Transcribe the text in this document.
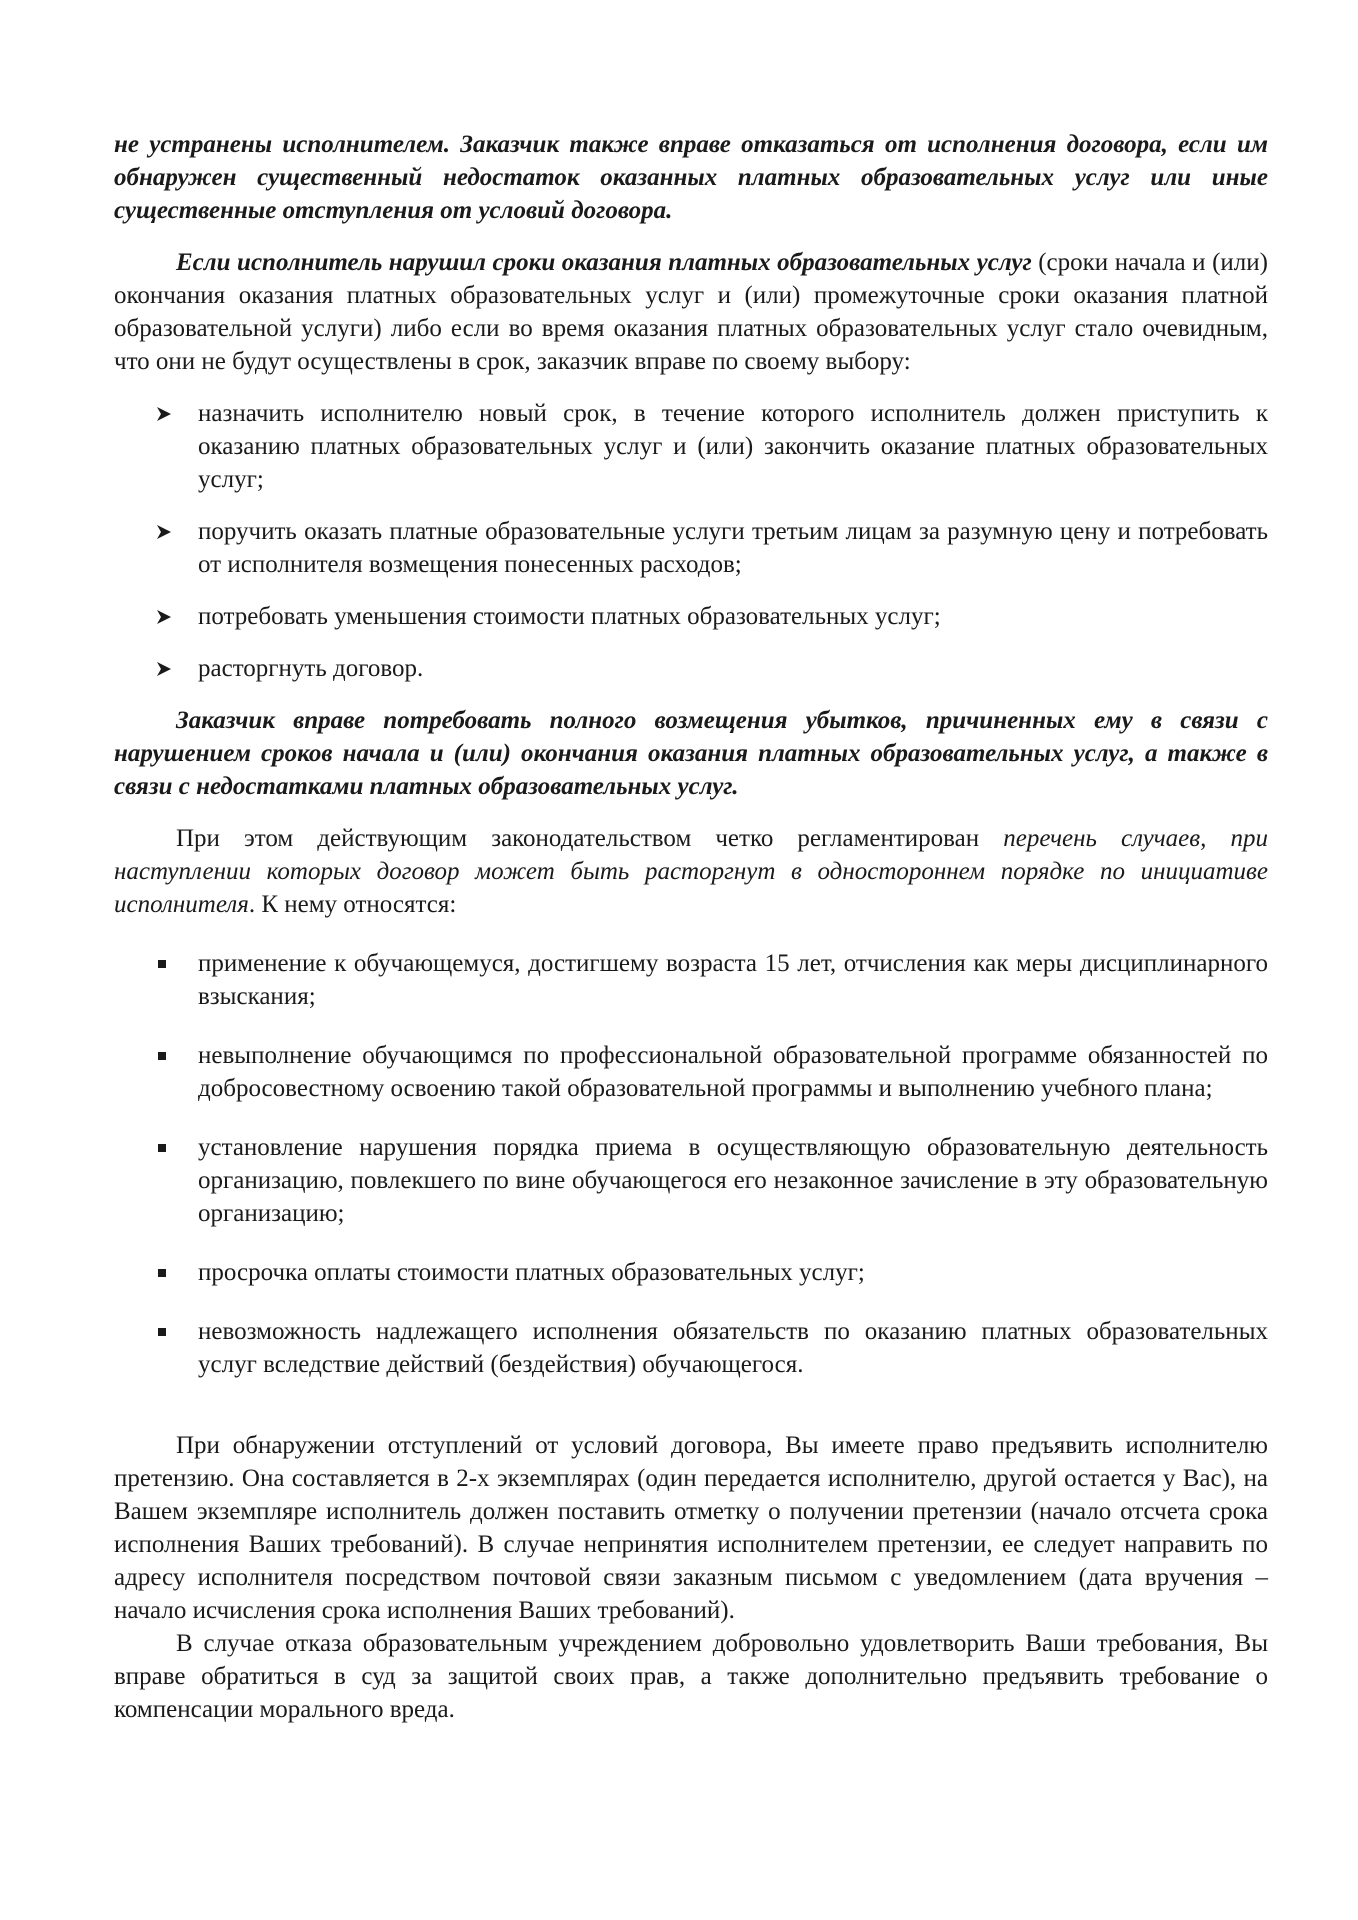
не устранены исполнителем. Заказчик также вправе отказаться от исполнения договора, если им обнаружен существенный недостаток оказанных платных образовательных услуг или иные существенные отступления от условий договора.

Если исполнитель нарушил сроки оказания платных образовательных услуг (сроки начала и (или) окончания оказания платных образовательных услуг и (или) промежуточные сроки оказания платной образовательной услуги) либо если во время оказания платных образовательных услуг стало очевидным, что они не будут осуществлены в срок, заказчик вправе по своему выбору:

назначить исполнителю новый срок, в течение которого исполнитель должен приступить к оказанию платных образовательных услуг и (или) закончить оказание платных образовательных услуг;
поручить оказать платные образовательные услуги третьим лицам за разумную цену и потребовать от исполнителя возмещения понесенных расходов;
потребовать уменьшения стоимости платных образовательных услуг;
расторгнуть договор.

Заказчик вправе потребовать полного возмещения убытков, причиненных ему в связи с нарушением сроков начала и (или) окончания оказания платных образовательных услуг, а также в связи с недостатками платных образовательных услуг.

При этом действующим законодательством четко регламентирован перечень случаев, при наступлении которых договор может быть расторгнут в одностороннем порядке по инициативе исполнителя. К нему относятся:

применение к обучающемуся, достигшему возраста 15 лет, отчисления как меры дисциплинарного взыскания;
невыполнение обучающимся по профессиональной образовательной программе обязанностей по добросовестному освоению такой образовательной программы и выполнению учебного плана;
установление нарушения порядка приема в осуществляющую образовательную деятельность организацию, повлекшего по вине обучающегося его незаконное зачисление в эту образовательную организацию;
просрочка оплаты стоимости платных образовательных услуг;
невозможность надлежащего исполнения обязательств по оказанию платных образовательных услуг вследствие действий (бездействия) обучающегося.

При обнаружении отступлений от условий договора, Вы имеете право предъявить исполнителю претензию. Она составляется в 2-х экземплярах (один передается исполнителю, другой остается у Вас), на Вашем экземпляре исполнитель должен поставить отметку о получении претензии (начало отсчета срока исполнения Ваших требований). В случае непринятия исполнителем претензии, ее следует направить по адресу исполнителя посредством почтовой связи заказным письмом с уведомлением (дата вручения – начало исчисления срока исполнения Ваших требований).

В случае отказа образовательным учреждением добровольно удовлетворить Ваши требования, Вы вправе обратиться в суд за защитой своих прав, а также дополнительно предъявить требование о компенсации морального вреда.
